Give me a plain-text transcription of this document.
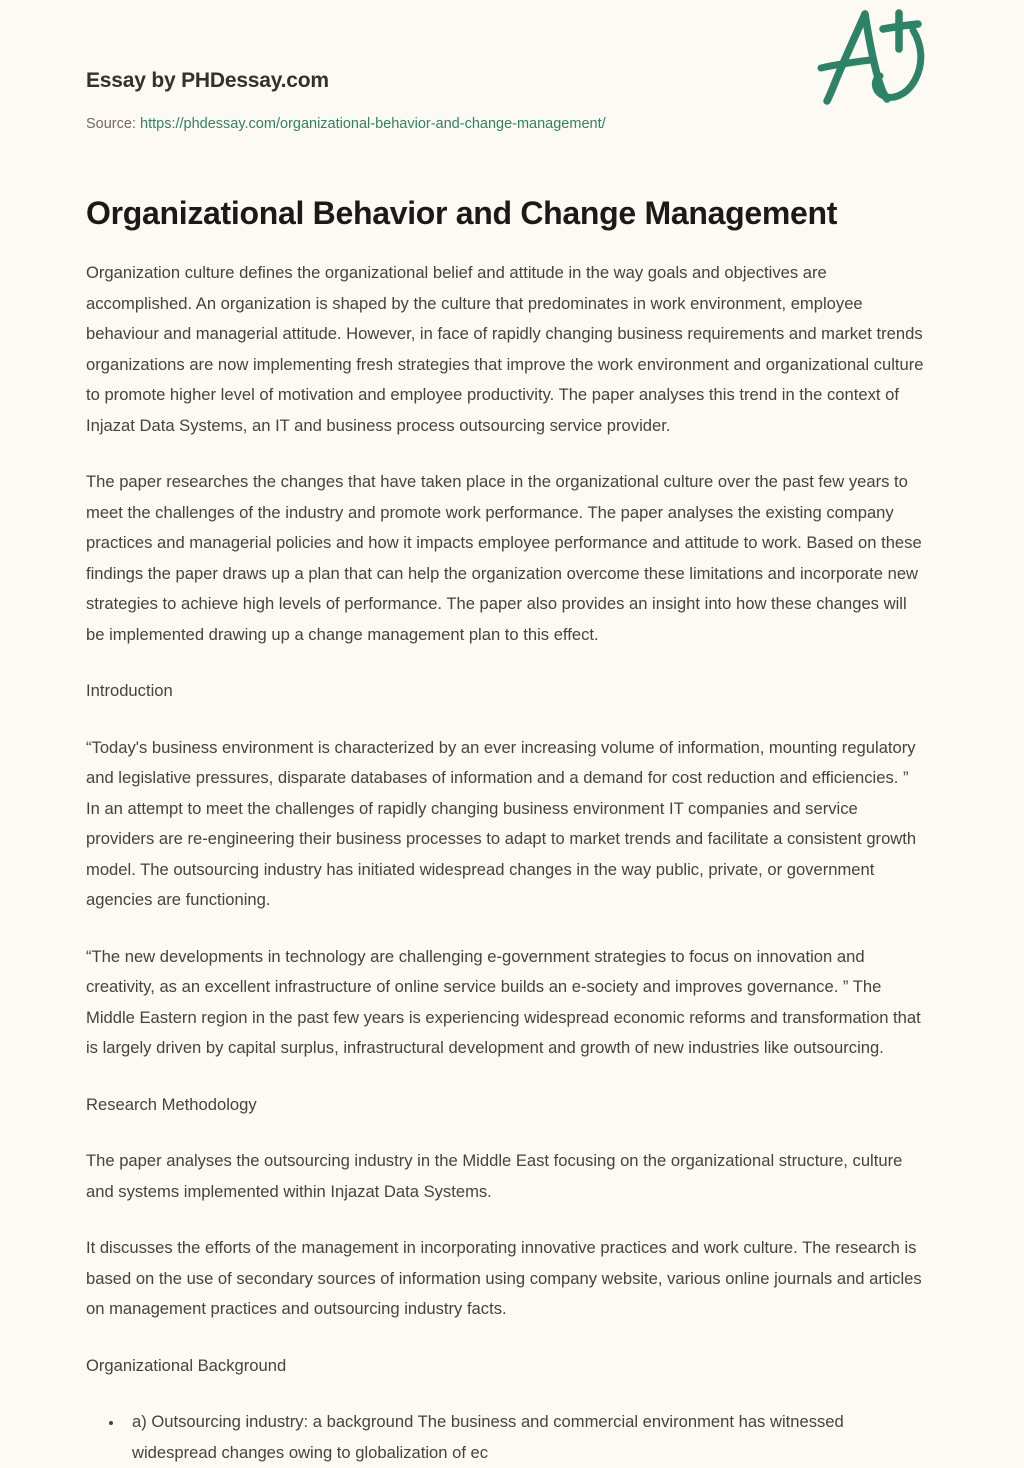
Essay by PHDessay.com
Source: https://phdessay.com/organizational-behavior-and-change-management/
Organizational Behavior and Change Management

Organization culture defines the organizational belief and attitude in the way goals and objectives are accomplished. An organization is shaped by the culture that predominates in work environment, employee behaviour and managerial attitude. However, in face of rapidly changing business requirements and market trends organizations are now implementing fresh strategies that improve the work environment and organizational culture to promote higher level of motivation and employee productivity. The paper analyses this trend in the context of Injazat Data Systems, an IT and business process outsourcing service provider.

The paper researches the changes that have taken place in the organizational culture over the past few years to meet the challenges of the industry and promote work performance. The paper analyses the existing company practices and managerial policies and how it impacts employee performance and attitude to work. Based on these findings the paper draws up a plan that can help the organization overcome these limitations and incorporate new strategies to achieve high levels of performance. The paper also provides an insight into how these changes will be implemented drawing up a change management plan to this effect.

Introduction

“Today's business environment is characterized by an ever increasing volume of information, mounting regulatory and legislative pressures, disparate databases of information and a demand for cost reduction and efficiencies. ” In an attempt to meet the challenges of rapidly changing business environment IT companies and service providers are re-engineering their business processes to adapt to market trends and facilitate a consistent growth model. The outsourcing industry has initiated widespread changes in the way public, private, or government agencies are functioning.

“The new developments in technology are challenging e-government strategies to focus on innovation and creativity, as an excellent infrastructure of online service builds an e-society and improves governance. ” The Middle Eastern region in the past few years is experiencing widespread economic reforms and transformation that is largely driven by capital surplus, infrastructural development and growth of new industries like outsourcing.

Research Methodology

The paper analyses the outsourcing industry in the Middle East focusing on the organizational structure, culture and systems implemented within Injazat Data Systems.

It discusses the efforts of the management in incorporating innovative practices and work culture. The research is based on the use of secondary sources of information using company website, various online journals and articles on management practices and outsourcing industry facts.

Organizational Background

• a) Outsourcing industry: a background The business and commercial environment has witnessed widespread changes owing to globalization of ec
